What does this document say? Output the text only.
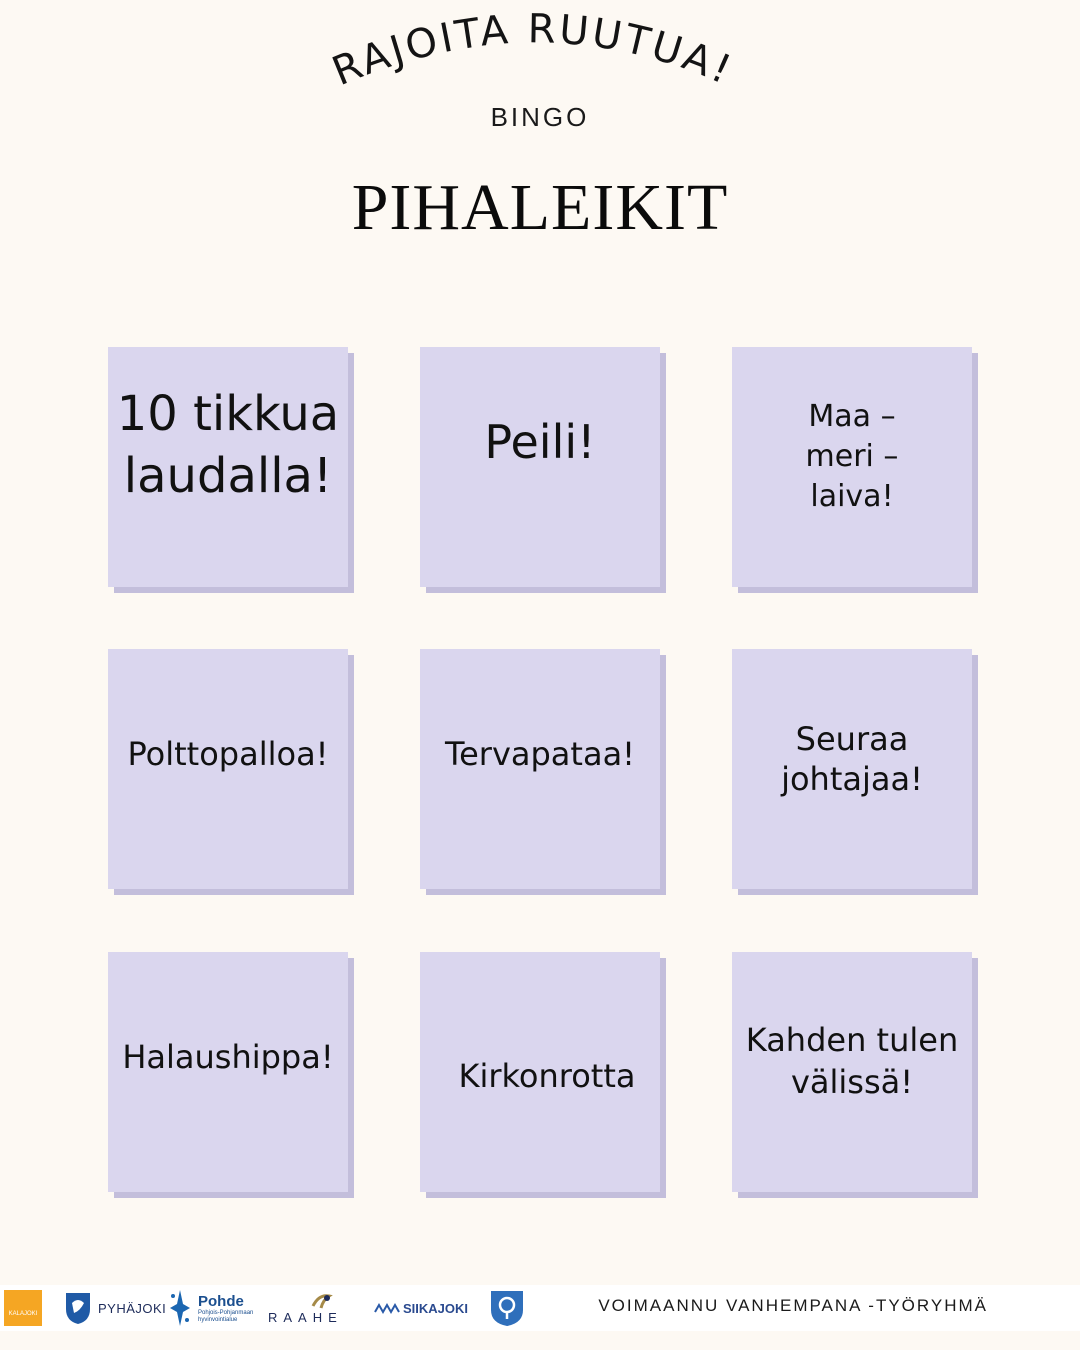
RAJOITA RUUTUA!
BINGO
PIHALEIKIT
10 tikkua
laudalla!
Peili!	Maa –
meri –
laiva!
Polttopalloa!	Tervapataa!	Seuraa
johtajaa!
Halaushippa!	Kirkonrotta
Kahden tulen
välissä!
KALAJOKI	PYHÄJOKI Pohde
Pohjois-Pohjanmaan hyvinvointialue	RAAHE
SIIKAJOKI	VOIMAANNU VANHEMPANA -TYÖRYHMÄ
